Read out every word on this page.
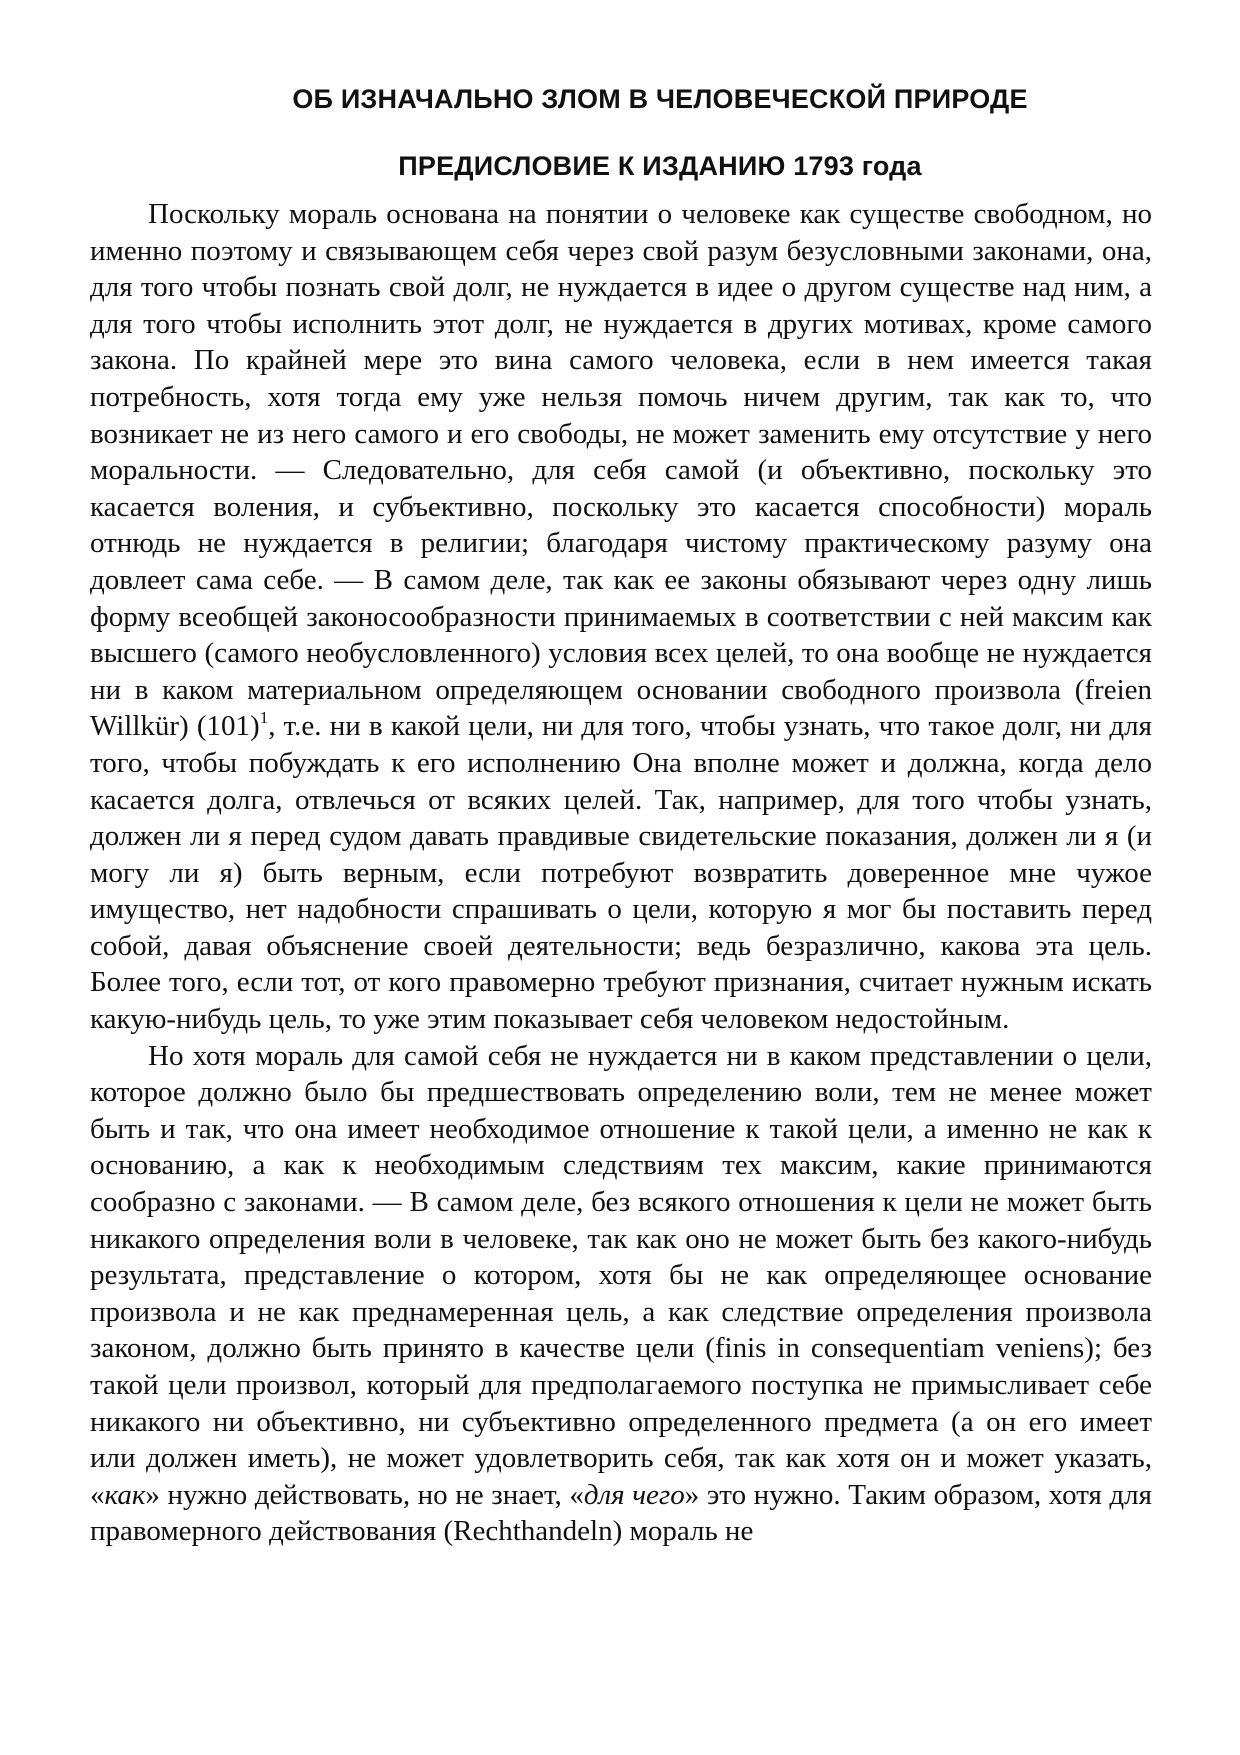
ОБ ИЗНАЧАЛЬНО ЗЛОМ В ЧЕЛОВЕЧЕСКОЙ ПРИРОДЕ
ПРЕДИСЛОВИЕ К ИЗДАНИЮ 1793 года

Поскольку мораль основана на понятии о человеке как существе свободном, но именно поэтому и связывающем себя через свой разум безусловными законами, она, для того чтобы познать свой долг, не нуждается в идее о другом существе над ним, а для того чтобы исполнить этот долг, не нуждается в других мотивах, кроме самого закона. По крайней мере это вина самого человека, если в нем имеется такая потребность, хотя тогда ему уже нельзя помочь ничем другим, так как то, что возникает не из него самого и его свободы, не может заменить ему отсутствие у него моральности. — Следовательно, для себя самой (и объективно, поскольку это касается воления, и субъективно, поскольку это касается способности) мораль отнюдь не нуждается в религии; благодаря чистому практическому разуму она довлеет сама себе. — В самом деле, так как ее законы обязывают через одну лишь форму всеобщей законосообразности принимаемых в соответствии с ней максим как высшего (самого необусловленного) условия всех целей, то она вообще не нуждается ни в каком материальном определяющем основании свободного произвола (freien Willkür) $(101)^1$, т.е. ни в какой цели, ни для того, чтобы узнать, что такое долг, ни для того, чтобы побуждать к его исполнению Она вполне может и должна, когда дело касается долга, отвлечься от всяких целей. Так, например, для того чтобы узнать, должен ли я перед судом давать правдивые свидетельские показания, должен ли я (и могу ли я) быть верным, если потребуют возвратить доверенное мне чужое имущество, нет надобности спрашивать о цели, которую я мог бы поставить перед собой, давая объяснение своей деятельности; ведь безразлично, какова эта цель. Более того, если тот, от кого правомерно требуют признания, считает нужным искать какую-нибудь цель, то уже этим показывает себя человеком недостойным.

Но хотя мораль для самой себя не нуждается ни в каком представлении о цели, которое должно было бы предшествовать определению воли, тем не менее может быть и так, что она имеет необходимое отношение к такой цели, а именно не как к основанию, а как к необходимым следствиям тех максим, какие принимаются сообразно с законами. — В самом деле, без всякого отношения к цели не может быть никакого определения воли в человеке, так как оно не может быть без какого-нибудь результата, представление о котором, хотя бы не как определяющее основание произвола и не как преднамеренная цель, а как следствие определения произвола законом, должно быть принято в качестве цели (finis in consequentiam veniens); без такой цели произвол, который для предполагаемого поступка не примысливает себе никакого ни объективно, ни субъективно определенного предмета (а он его имеет или должен иметь), не может удовлетворить себя, так как хотя он и может указать, «как» нужно действовать, но не знает, «для чего» это нужно. Таким образом, хотя для правомерного действования (Rechthandeln) мораль не
